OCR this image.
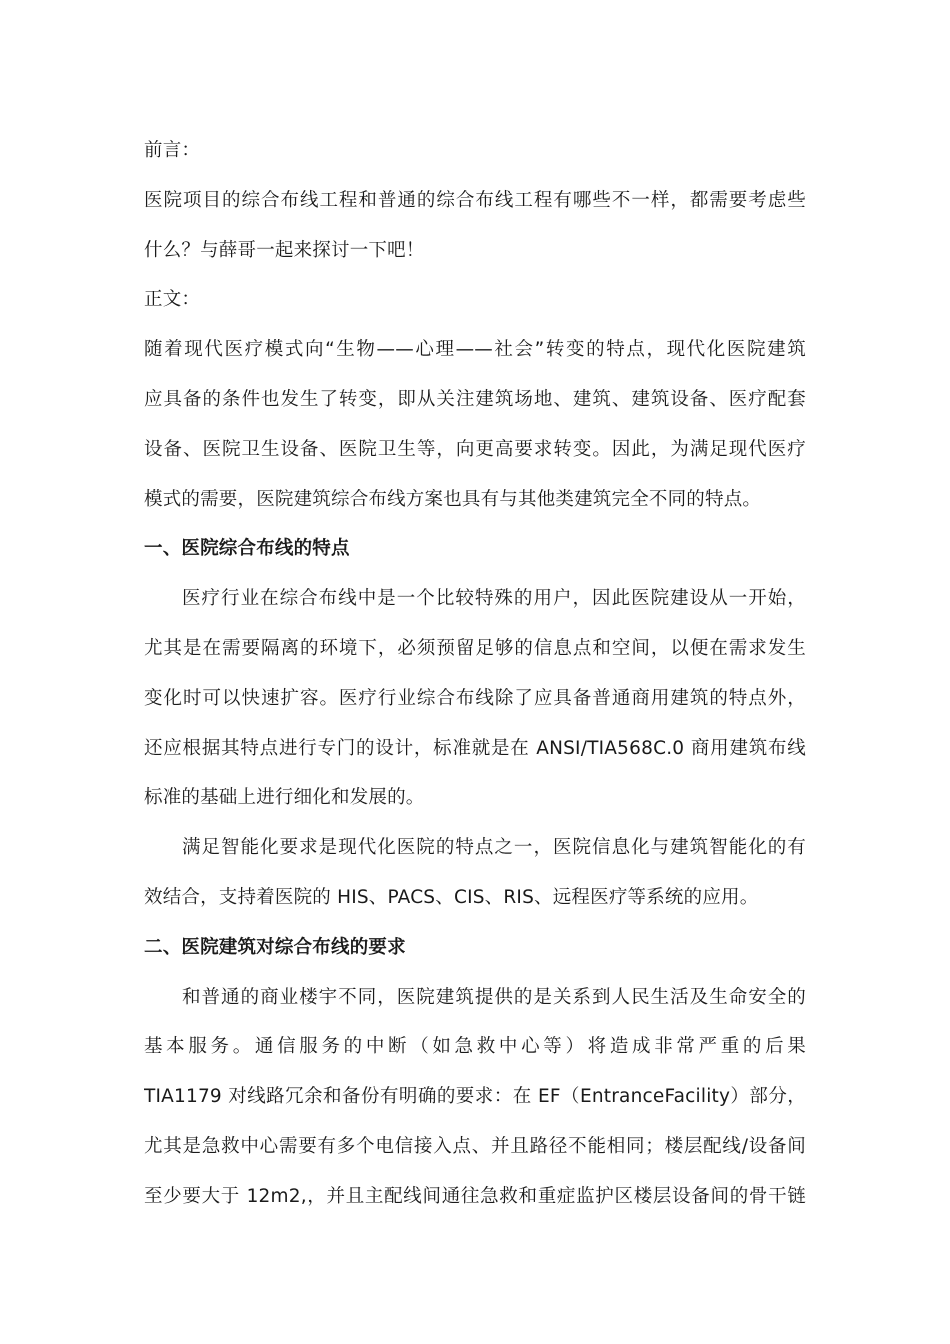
前言：
医院项目的综合布线工程和普通的综合布线工程有哪些不一样，都需要考虑些
什么？与薛哥一起来探讨一下吧！
正文：
随着现代医疗模式向“生物——心理——社会”转变的特点，现代化医院建筑
应具备的条件也发生了转变，即从关注建筑场地、建筑、建筑设备、医疗配套
设备、医院卫生设备、医院卫生等，向更高要求转变。因此，为满足现代医疗
模式的需要，医院建筑综合布线方案也具有与其他类建筑完全不同的特点。
一、医院综合布线的特点
医疗行业在综合布线中是一个比较特殊的用户，因此医院建设从一开始，
尤其是在需要隔离的环境下，必须预留足够的信息点和空间，以便在需求发生
变化时可以快速扩容。医疗行业综合布线除了应具备普通商用建筑的特点外，
还应根据其特点进行专门的设计，标准就是在 ANSI/TIA568C.0 商用建筑布线
标准的基础上进行细化和发展的。
满足智能化要求是现代化医院的特点之一，医院信息化与建筑智能化的有
效结合，支持着医院的 HIS、PACS、CIS、RIS、远程医疗等系统的应用。
二、医院建筑对综合布线的要求
和普通的商业楼宇不同，医院建筑提供的是关系到人民生活及生命安全的
基本服务。通信服务的中断（如急救中心等）将造成非常严重的后果
TIA1179 对线路冗余和备份有明确的要求：在 EF（EntranceFacility）部分，
尤其是急救中心需要有多个电信接入点、并且路径不能相同；楼层配线/设备间
至少要大于 12m2,，并且主配线间通往急救和重症监护区楼层设备间的骨干链
